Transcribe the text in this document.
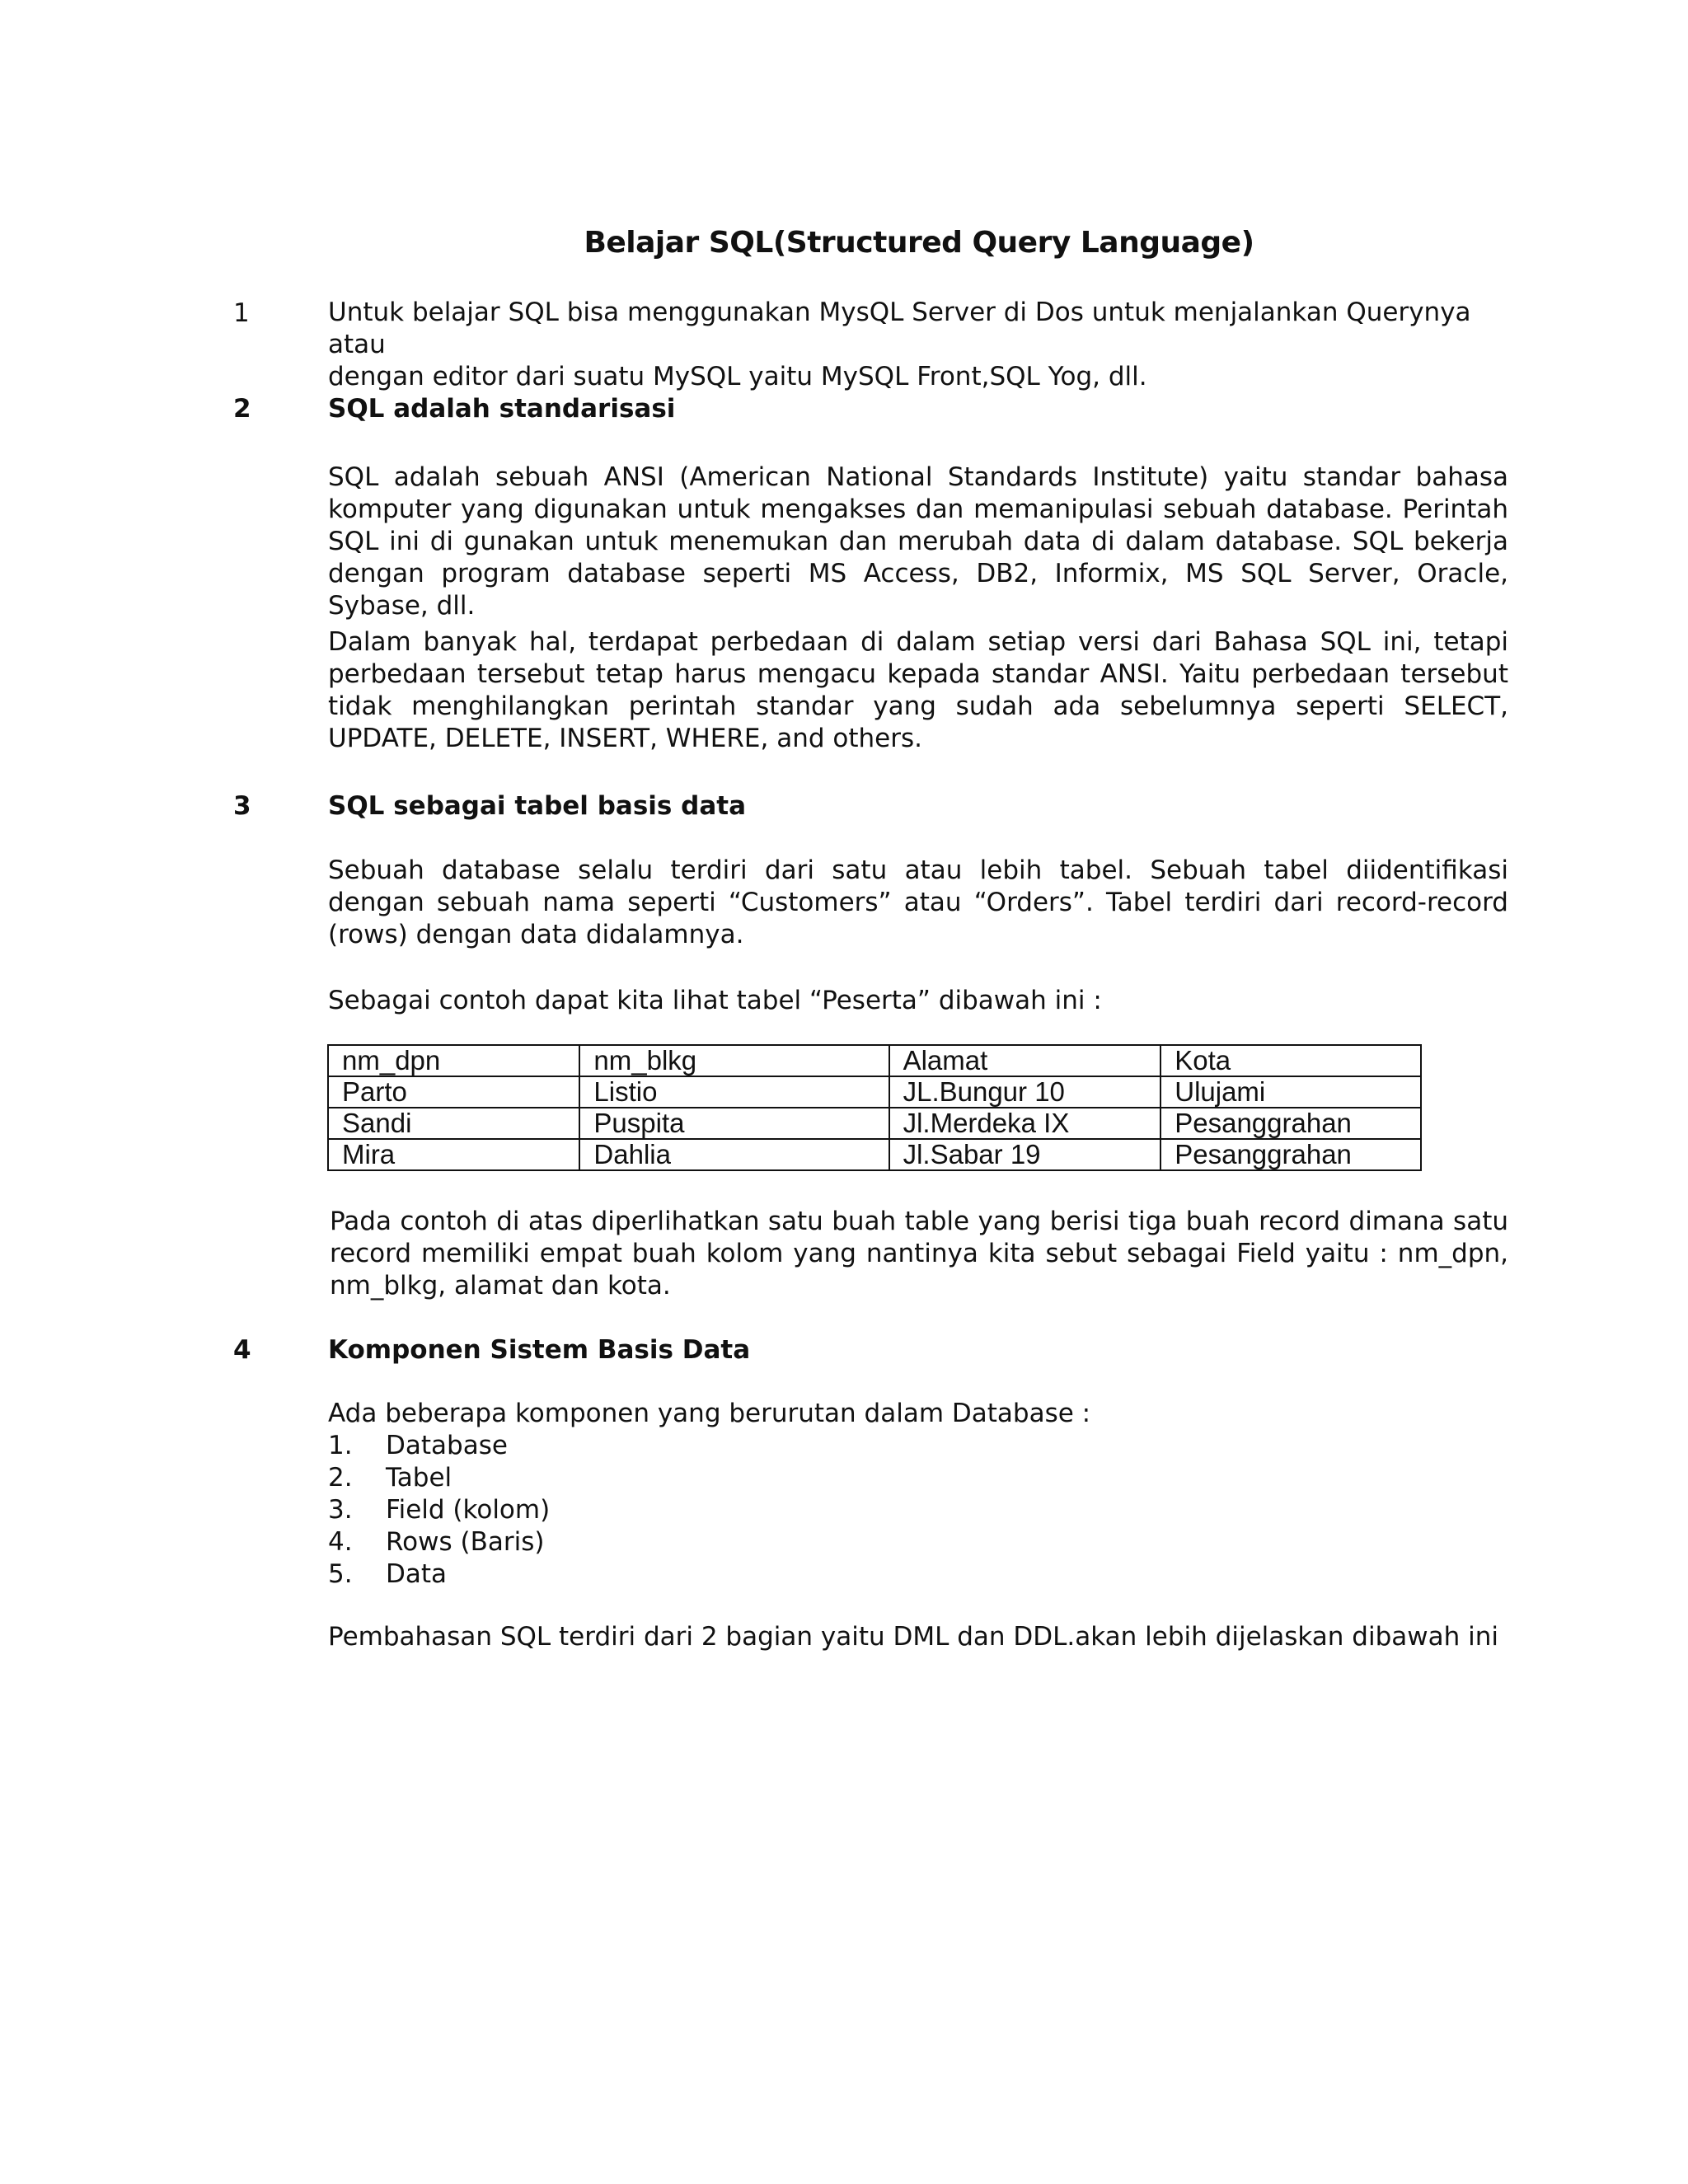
Belajar SQL(Structured Query Language)
1	Untuk belajar SQL bisa menggunakan MysQL Server di Dos untuk menjalankan Querynya atau
dengan editor dari suatu MySQL yaitu MySQL Front,SQL Yog, dll.
2	SQL adalah standarisasi
SQL adalah sebuah ANSI (American National Standards Institute) yaitu standar bahasa komputer yang digunakan untuk mengakses dan memanipulasi sebuah database. Perintah SQL ini di gunakan untuk menemukan dan merubah data di dalam database. SQL bekerja dengan program database seperti MS Access, DB2, Informix, MS SQL Server, Oracle, Sybase, dll.
Dalam banyak hal, terdapat perbedaan di dalam setiap versi dari Bahasa SQL ini, tetapi perbedaan tersebut tetap harus mengacu kepada standar ANSI. Yaitu perbedaan tersebut tidak menghilangkan perintah standar yang sudah ada sebelumnya seperti SELECT, UPDATE, DELETE, INSERT, WHERE, and others.
3	SQL sebagai tabel basis data
Sebuah database selalu terdiri dari satu atau lebih tabel. Sebuah tabel diidentifikasi dengan sebuah nama seperti “Customers” atau “Orders”. Tabel terdiri dari record-record (rows) dengan data didalamnya.
Sebagai contoh dapat kita lihat tabel “Peserta” dibawah ini :
nm_dpn	nm_blkg	Alamat	Kota
Parto	Listio	JL.Bungur 10	Ulujami
Sandi	Puspita	Jl.Merdeka IX	Pesanggrahan
Mira	Dahlia	Jl.Sabar 19	Pesanggrahan
Pada contoh di atas diperlihatkan satu buah table yang berisi tiga buah record dimana satu record memiliki empat buah kolom yang nantinya kita sebut sebagai Field yaitu : nm_dpn, nm_blkg, alamat dan kota.
4	Komponen Sistem Basis Data
Ada beberapa komponen yang berurutan dalam Database :
1.	Database
2.	Tabel
3.	Field (kolom)
4.	Rows (Baris)
5.	Data
Pembahasan SQL terdiri dari 2 bagian yaitu DML dan DDL.akan lebih dijelaskan dibawah ini
